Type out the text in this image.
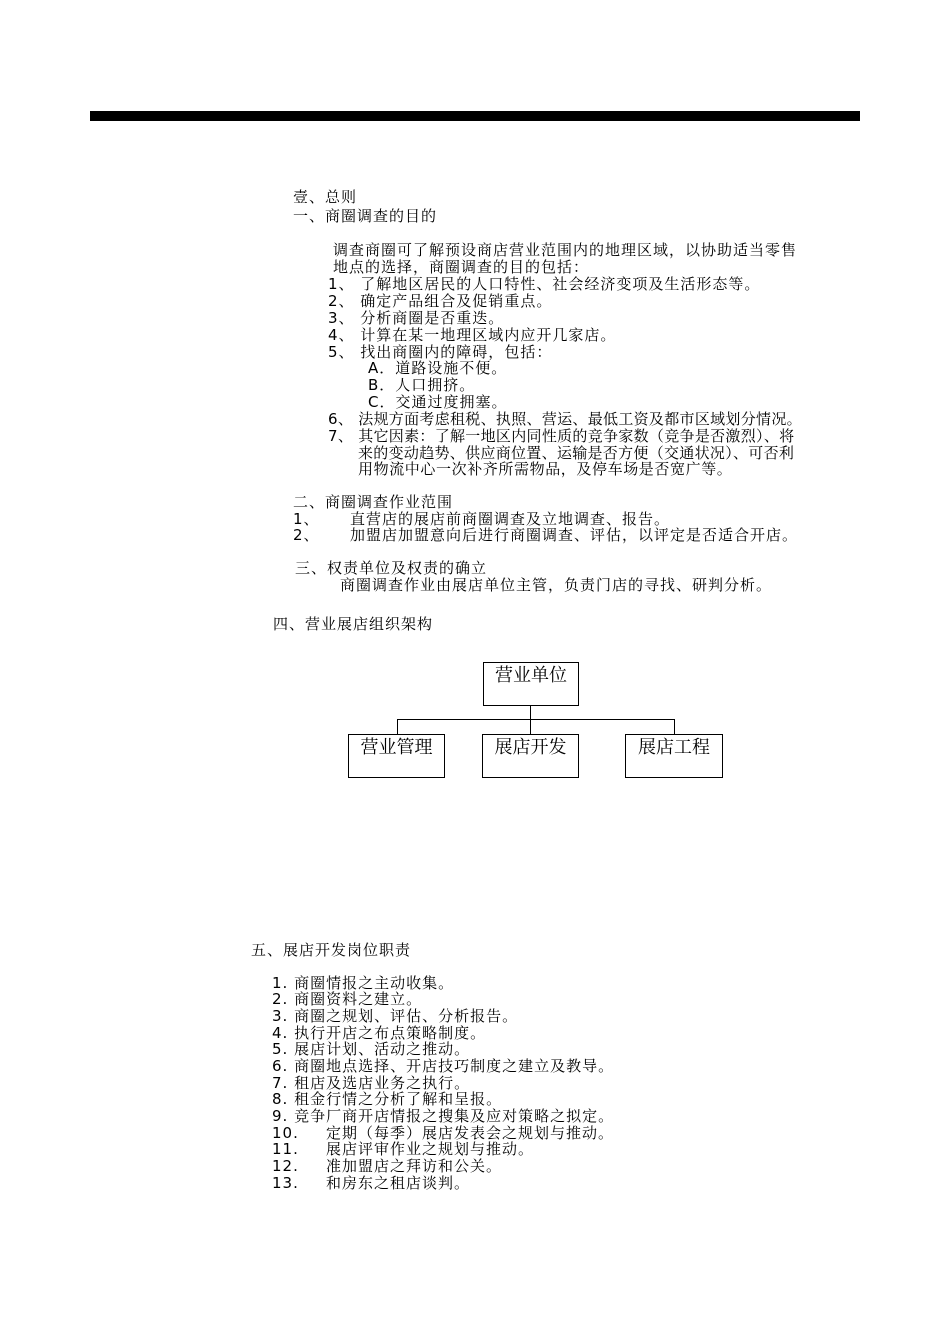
壹、总则
一、商圈调查的目的
调查商圈可了解预设商店营业范围内的地理区域，以协助适当零售
地点的选择，商圈调查的目的包括：
1、 了解地区居民的人口特性、社会经济变项及生活形态等。
2、 确定产品组合及促销重点。
3、 分析商圈是否重迭。
4、 计算在某一地理区域内应开几家店。
5、 找出商圈内的障碍，包括：
A．道路设施不便。
B．人口拥挤。
C．交通过度拥塞。
6、 法规方面考虑租税、执照、营运、最低工资及都市区域划分情况。
7、 其它因素：了解一地区内同性质的竞争家数（竞争是否激烈）、将
来的变动趋势、供应商位置、运输是否方便（交通状况）、可否利
用物流中心一次补齐所需物品，及停车场是否宽广等。
二、商圈调查作业范围
1、 直营店的展店前商圈调查及立地调查、报告。
2、 加盟店加盟意向后进行商圈调查、评估，以评定是否适合开店。
三、权责单位及权责的确立
商圈调查作业由展店单位主管，负责门店的寻找、研判分析。
四、营业展店组织架构
营业单位
营业管理	展店开发	展店工程
五、展店开发岗位职责
1. 商圈情报之主动收集。
2. 商圈资料之建立。
3. 商圈之规划、评估、分析报告。
4. 执行开店之布点策略制度。
5. 展店计划、活动之推动。
6. 商圈地点选择、开店技巧制度之建立及教导。
7. 租店及选店业务之执行。
8. 租金行情之分析了解和呈报。
9. 竞争厂商开店情报之搜集及应对策略之拟定。
10. 定期（每季）展店发表会之规划与推动。
11. 展店评审作业之规划与推动。
12. 准加盟店之拜访和公关。
13. 和房东之租店谈判。
